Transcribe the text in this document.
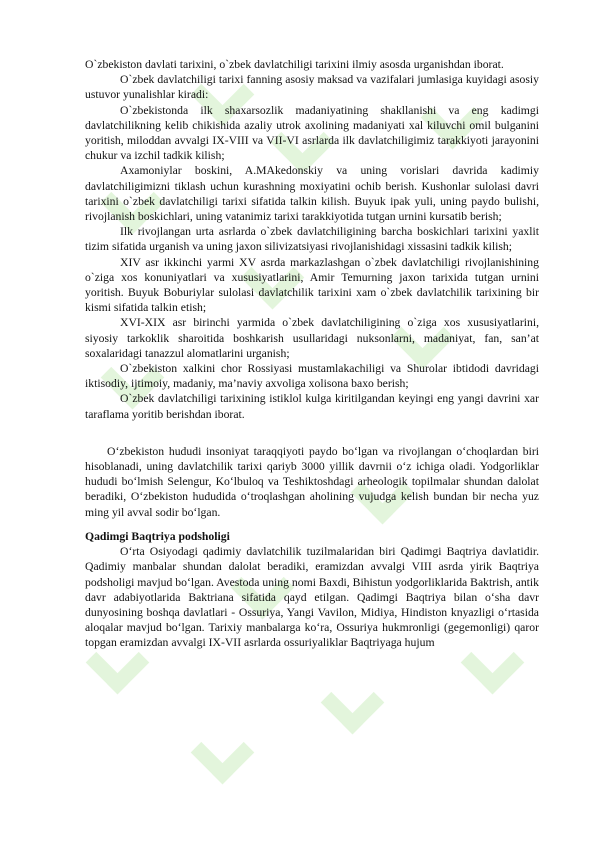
O`zbekiston davlati tarixini, o`zbek davlatchiligi tarixini ilmiy asosda urganishdan iborat.

O`zbek davlatchiligi tarixi fanning asosiy maksad va vazifalari jumlasiga kuyidagi asosiy ustuvor yunalishlar kiradi:

O`zbekistonda ilk shaxarsozlik madaniyatining shakllanishi va eng kadimgi davlatchilikning kelib chikishida azaliy utrok axolining madaniyati xal kiluvchi omil bulganini yoritish, miloddan avvalgi IX-VIII va VII-VI asrlarda ilk davlatchiligimiz tarakkiyoti jarayonini chukur va izchil tadkik kilish;

Axamoniylar boskini, A.MAkedonskiy va uning vorislari davrida kadimiy davlatchiligimizni tiklash uchun kurashning moxiyatini ochib berish. Kushonlar sulolasi davri tarixini o`zbek davlatchiligi tarixi sifatida talkin kilish. Buyuk ipak yuli, uning paydo bulishi, rivojlanish boskichlari, uning vatanimiz tarixi tarakkiyotida tutgan urnini kursatib berish;

Ilk rivojlangan urta asrlarda o`zbek davlatchiligining barcha boskichlari tarixini yaxlit tizim sifatida urganish va uning jaxon silivizatsiyasi rivojlanishidagi xissasini tadkik kilish;

XIV asr ikkinchi yarmi XV asrda markazlashgan o`zbek davlatchiligi rivojlanishining o`ziga xos konuniyatlari va xususiyatlarini, Amir Temurning jaxon tarixida tutgan urnini yoritish. Buyuk Boburiylar sulolasi davlatchilik tarixini xam o`zbek davlatchilik tarixining bir kismi sifatida talkin etish;

XVI-XIX asr birinchi yarmida o`zbek davlatchiligining o`ziga xos xususiyatlarini, siyosiy tarkoklik sharoitida boshkarish usullaridagi nuksonlarni, madaniyat, fan, san’at soxalaridagi tanazzul alomatlarini urganish;

O`zbekiston xalkini chor Rossiyasi mustamlakachiligi va Shurolar ibtidodi davridagi iktisodiy, ijtimoiy, madaniy, ma’naviy axvoliga xolisona baxo berish;

O`zbek davlatchiligi tarixining istiklol kulga kiritilgandan keyingi eng yangi davrini xar taraflama yoritib berishdan iborat.

O‘zbekiston hududi insoniyat taraqqiyoti paydo bo‘lgan va rivojlangan o‘choqlardan biri hisoblanadi, uning davlatchilik tarixi qariyb 3000 yillik davrnii o‘z ichiga oladi. Yodgorliklar hududi bo‘lmish Selengur, Ko‘lbuloq va Teshiktoshdagi arheologik topilmalar shundan dalolat beradiki, O‘zbekiston hududida o‘troqlashgan aholining vujudga kelish bundan bir necha yuz ming yil avval sodir bo‘lgan.

Qadimgi Baqtriya podsholigi

O‘rta Osiyodagi qadimiy davlatchilik tuzilmalaridan biri Qadimgi Baqtriya davlatidir. Qadimiy manbalar shundan dalolat beradiki, eramizdan avvalgi VIII asrda yirik Baqtriya podsholigi mavjud bo‘lgan. Avestoda uning nomi Baxdi, Bihistun yodgorliklarida Baktrish, antik davr adabiyotlarida Baktriana sifatida qayd etilgan. Qadimgi Baqtriya bilan o‘sha davr dunyosining boshqa davlatlari - Ossuriya, Yangi Vavilon, Midiya, Hindiston knyazligi o‘rtasida aloqalar mavjud bo‘lgan. Tarixiy manbalarga ko‘ra, Ossuriya hukmronligi (gegemonligi) qaror topgan eramizdan avvalgi IX-VII asrlarda ossuriyaliklar Baqtriyaga hujum
